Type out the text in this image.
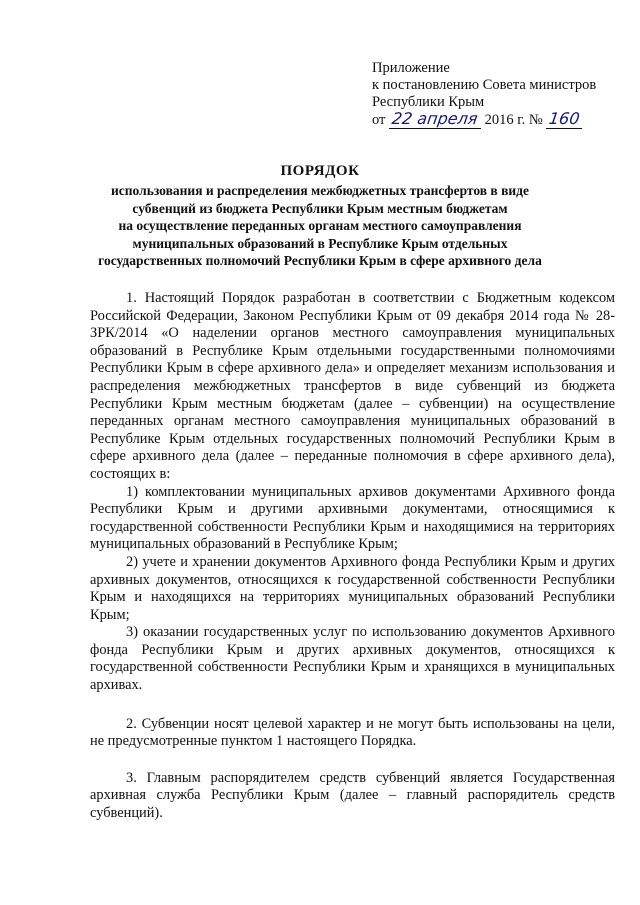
Приложение
к постановлению Совета министров
Республики Крым
от 22 апреля 2016 г. № 160
ПОРЯДОК
использования и распределения межбюджетных трансфертов в виде
субвенций из бюджета Республики Крым местным бюджетам
на осуществление переданных органам местного самоуправления
муниципальных образований в Республике Крым отдельных
государственных полномочий Республики Крым в сфере архивного дела

1. Настоящий Порядок разработан в соответствии с Бюджетным кодексом Российской Федерации, Законом Республики Крым от 09 декабря 2014 года № 28-ЗРК/2014 «О наделении органов местного самоуправления муниципальных образований в Республике Крым отдельными государственными полномочиями Республики Крым в сфере архивного дела» и определяет механизм использования и распределения межбюджетных трансфертов в виде субвенций из бюджета Республики Крым местным бюджетам (далее – субвенции) на осуществление переданных органам местного самоуправления муниципальных образований в Республике Крым отдельных государственных полномочий Республики Крым в сфере архивного дела (далее – переданные полномочия в сфере архивного дела), состоящих в:

1) комплектовании муниципальных архивов документами Архивного фонда Республики Крым и другими архивными документами, относящимися к государственной собственности Республики Крым и находящимися на территориях муниципальных образований в Республике Крым;

2) учете и хранении документов Архивного фонда Республики Крым и других архивных документов, относящихся к государственной собственности Республики Крым и находящихся на территориях муниципальных образований Республики Крым;

3) оказании государственных услуг по использованию документов Архивного фонда Республики Крым и других архивных документов, относящихся к государственной собственности Республики Крым и хранящихся в муниципальных архивах.

2. Субвенции носят целевой характер и не могут быть использованы на цели, не предусмотренные пунктом 1 настоящего Порядка.

3. Главным распорядителем средств субвенций является Государственная архивная служба Республики Крым (далее – главный распорядитель средств субвенций).
